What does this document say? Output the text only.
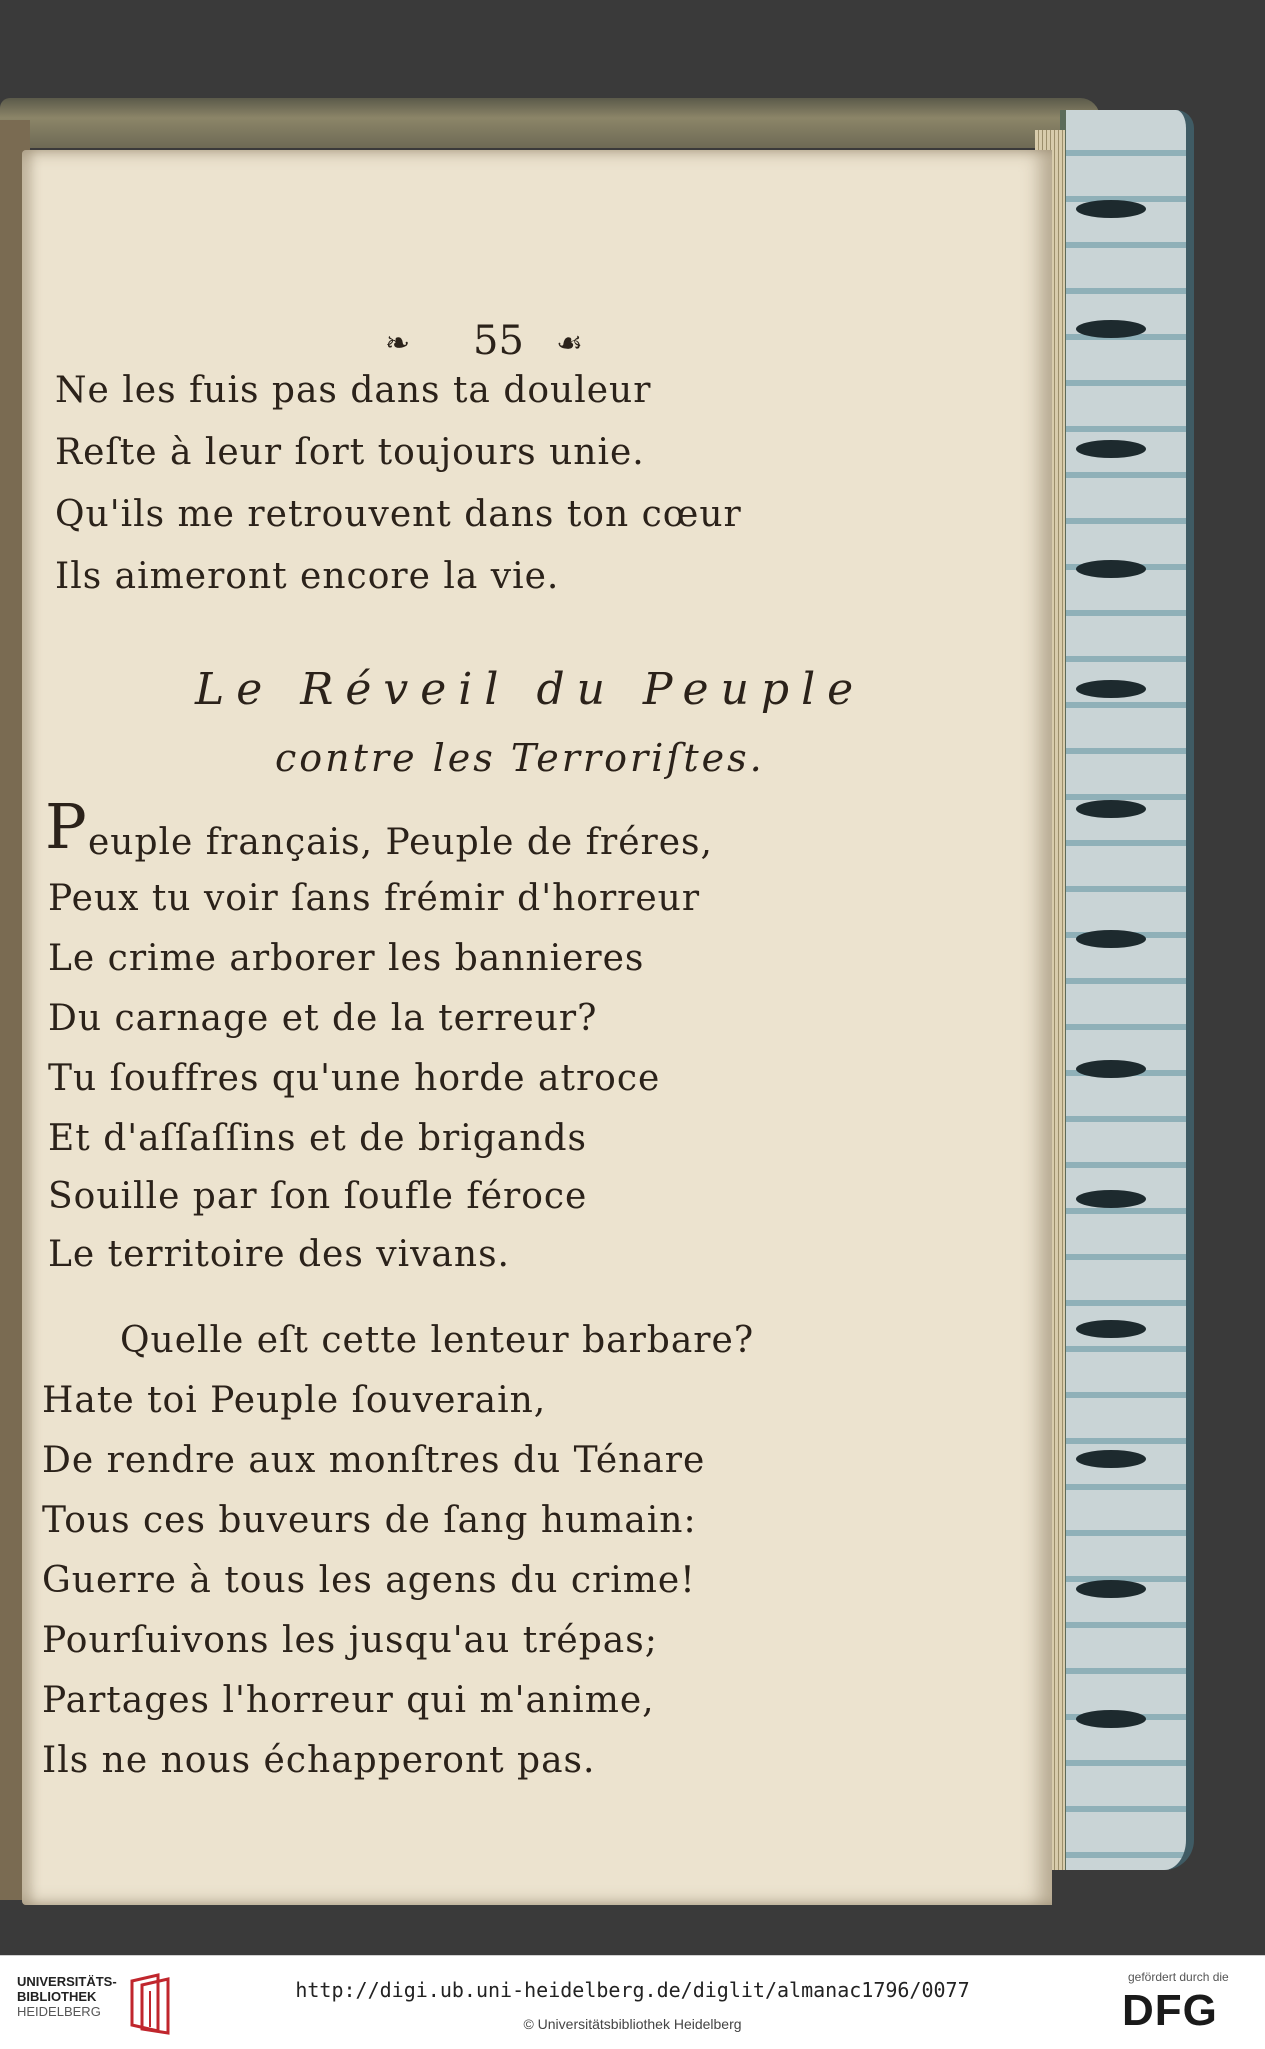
❧ 55 ☙
Ne les fuis pas dans ta douleur
Reſte à leur ſort toujours unie.
Qu'ils me retrouvent dans ton cœur
Ils aimeront encore la vie.
Le Réveil du Peuple
contre les Terroriſtes.
P euple français, Peuple de fréres,
Peux tu voir ſans frémir d'horreur
Le crime arborer les bannieres
Du carnage et de la terreur?
Tu ſouffres qu'une horde atroce
Et d'aſſaſſins et de brigands
Souille par ſon ſoufle féroce
Le territoire des vivans.
Quelle eſt cette lenteur barbare?
Hate toi Peuple ſouverain,
De rendre aux monſtres du Ténare
Tous ces buveurs de ſang humain:
Guerre à tous les agens du crime!
Pourſuivons les jusqu'au trépas;
Partages l'horreur qui m'anime,
Ils ne nous échapperont pas.
UNIVERSITÄTS-
BIBLIOTHEK
HEIDELBERG
http://digi.ub.uni-heidelberg.de/diglit/almanac1796/0077
© Universitätsbibliothek Heidelberg
gefördert durch die
DFG
